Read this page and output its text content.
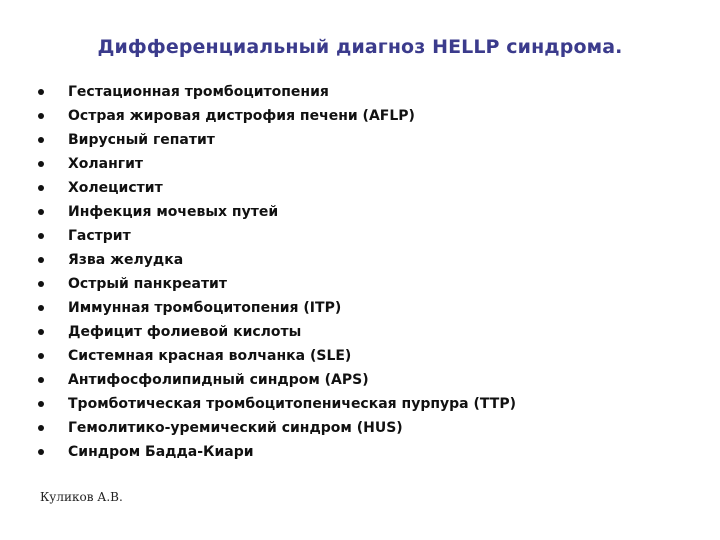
Дифференциальный диагноз HELLP синдрома.
Гестационная тромбоцитопения
Острая жировая дистрофия печени (AFLP)
Вирусный гепатит
Холангит
Холецистит
Инфекция мочевых путей
Гастрит
Язва желудка
Острый панкреатит
Иммунная тромбоцитопения (ITP)
Дефицит фолиевой кислоты
Системная красная волчанка (SLE)
Антифосфолипидный синдром (APS)
Тромботическая тромбоцитопеническая пурпура (TTP)
Гемолитико-уремический синдром (HUS)
Синдром Бадда-Киари
Куликов А.В.
